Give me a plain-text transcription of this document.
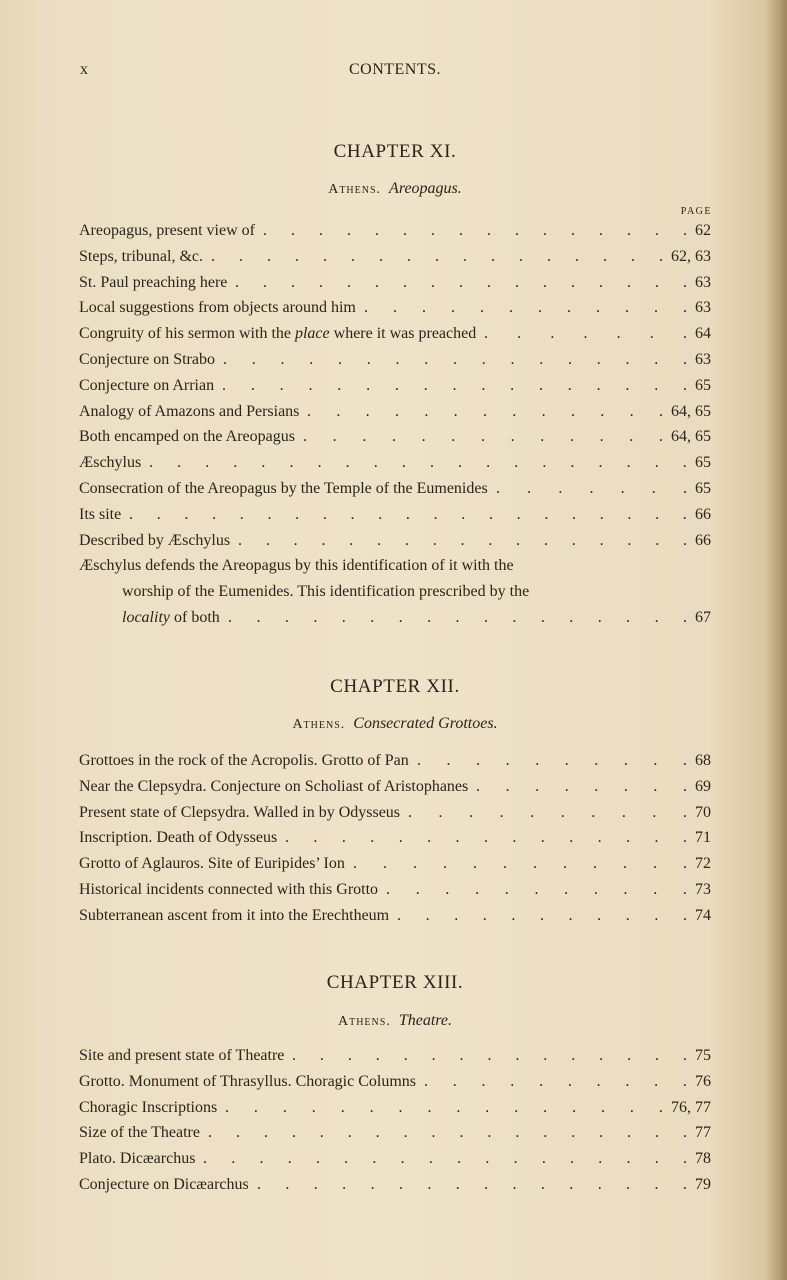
x	CONTENTS.
CHAPTER XI.
Athens. Areopagus.
PAGE
Areopagus, present view of	62
. . . . . . . . . . . . . . . .
Steps, tribunal, &c.	62, 63
. . . . . . . . . . . . . . . . .
St. Paul preaching here	63
. . . . . . . . . . . . . . . . .
Local suggestions from objects around him	63
. . . . . . . . . . . .
Congruity of his sermon with the place where it was preached	64
. . . . . . .
Conjecture on Strabo	63
. . . . . . . . . . . . . . . . .
Conjecture on Arrian	65
. . . . . . . . . . . . . . . . .
Analogy of Amazons and Persians	64, 65
. . . . . . . . . . . . .
Both encamped on the Areopagus	64, 65
. . . . . . . . . . . . .
Æschylus	65
. . . . . . . . . . . . . . . . . . . .
Consecration of the Areopagus by the Temple of the Eumenides	65
. . . . . . .
Its site	66
. . . . . . . . . . . . . . . . . . . . .
Described by Æschylus	66
. . . . . . . . . . . . . . . . .
Æschylus defends the Areopagus by this identification of it with the
worship of the Eumenides. This identification prescribed by the
locality of both	67
. . . . . . . . . . . . . . . . .
CHAPTER XII.
Athens. Consecrated Grottoes.
Grottoes in the rock of the Acropolis. Grotto of Pan	68
. . . . . . . . . .
Near the Clepsydra. Conjecture on Scholiast of Aristophanes	69
. . . . . . . .
Present state of Clepsydra. Walled in by Odysseus	70
. . . . . . . . . .
Inscription. Death of Odysseus	71
. . . . . . . . . . . . . . .
Grotto of Aglauros. Site of Euripides’ Ion	72
. . . . . . . . . . . .
Historical incidents connected with this Grotto	73
. . . . . . . . . . .
Subterranean ascent from it into the Erechtheum	74
. . . . . . . . . . .
CHAPTER XIII.
Athens. Theatre.
Site and present state of Theatre	75
. . . . . . . . . . . . . . .
Grotto. Monument of Thrasyllus. Choragic Columns	76
. . . . . . . . . .
Choragic Inscriptions	76, 77
. . . . . . . . . . . . . . . .
Size of the Theatre	77
. . . . . . . . . . . . . . . . . .
Plato. Dicæarchus	78
. . . . . . . . . . . . . . . . . .
Conjecture on Dicæarchus	79
. . . . . . . . . . . . . . . .
